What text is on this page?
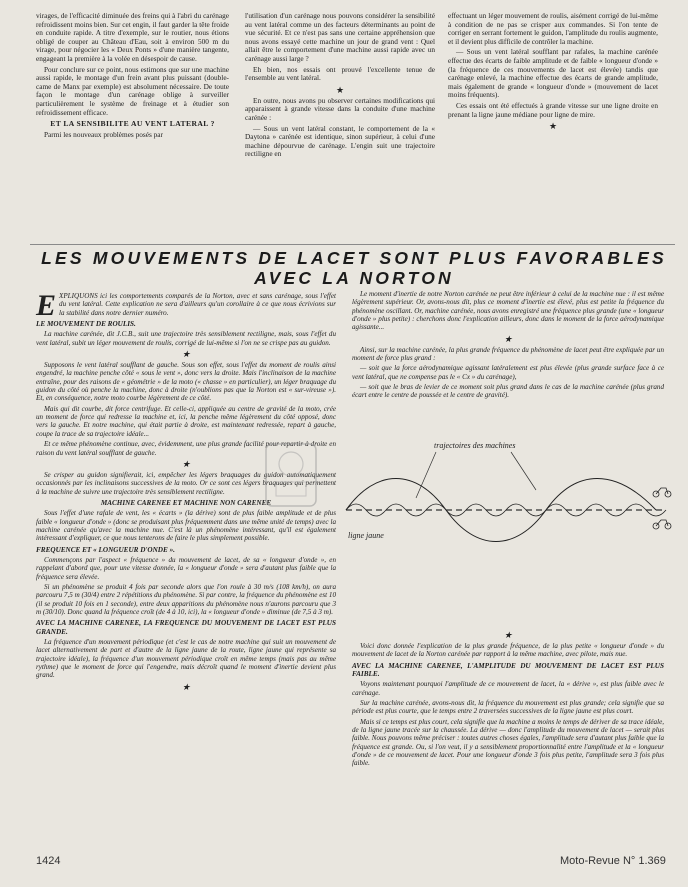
virages, de l'efficacité diminuée des freins qui à l'abri du carénage refroidissent moins bien. Sur cet engin, il faut garder la tête froide en conduite rapide. A titre d'exemple, sur le routier, nous étions obligé de couper au Château d'Eau, soit à environ 500 m du virage, pour négocier les « Deux Ponts » d'une manière tangente, engageant la première à la volée en désespoir de cause.

Pour conclure sur ce point, nous estimons que sur une machine aussi rapide, le montage d'un frein avant plus puissant (double-came de Manx par exemple) est absolument nécessaire. De toute façon le montage d'un carénage oblige à surveiller particulièrement le système de freinage et à étudier son refroidissement efficace.

ET LA SENSIBILITE AU VENT LATERAL ?

Parmi les nouveaux problèmes posés par

l'utilisation d'un carénage nous pouvons considérer la sensibilité au vent latéral comme un des facteurs déterminants au point de vue sécurité. Et ce n'est pas sans une certaine appréhension que nous avons essayé cette machine un jour de grand vent : Quel allait être le comportement d'une machine aussi rapide avec un carénage aussi large ?

Eh bien, nos essais ont prouvé l'excellente tenue de l'ensemble au vent latéral.

★

En outre, nous avons pu observer certaines modifications qui apparaissent à grande vitesse dans la conduite d'une machine carénée :

— Sous un vent latéral constant, le comportement de la « Daytona » carénée est identique, sinon supérieur, à celui d'une machine dépourvue de carénage. L'engin suit une trajectoire rectiligne en

effectuant un léger mouvement de roulis, aisément corrigé de lui-même à condition de ne pas se crisper aux commandes. Si l'on tente de corriger en serrant fortement le guidon, l'amplitude du roulis augmente, et il devient plus difficile de contrôler la machine.

— Sous un vent latéral soufflant par rafales, la machine carénée effectue des écarts de faible amplitude et de faible « longueur d'onde » (la fréquence de ces mouvements de lacet est élevée) tandis que carénage enlevé, la machine effectue des écarts de grande amplitude, mais également de grande « longueur d'onde » (mouvement de lacet moins fréquents).

Ces essais ont été effectués à grande vitesse sur une ligne droite en prenant la ligne jaune médiane pour ligne de mire.

★
LES MOUVEMENTS DE LACET SONT PLUS FAVORABLES AVEC LA NORTON

EXPLIQUONS ici les comportements comparés de la Norton, avec et sans carénage, sous l'effet du vent latéral. Cette explication ne sera d'ailleurs qu'un corollaire à ce que nous écrivions sur la stabilité dans notre dernier numéro.

LE MOUVEMENT DE ROULIS.

La machine carénée, dit J.C.B., suit une trajectoire très sensiblement rectiligne, mais, sous l'effet du vent latéral, subit un léger mouvement de roulis, corrigé de lui-même si l'on ne se crispe pas au guidon.

★

Supposons le vent latéral soufflant de gauche. Sous son effet, sous l'effet du moment de roulis ainsi engendré, la machine penche côté « sous le vent », donc vers la droite. Mais l'inclinaison de la machine entraîne, pour des raisons de « géométrie » de la moto (« chasse » en particulier), un léger braquage du guidon du côté où penche la machine, donc à droite (n'oublions pas que la Norton est « sur-vireuse »). Et, en conséquence, notre moto courbe légèrement de ce côté.

Mais qui dit courbe, dit force centrifuge. Et celle-ci, appliquée au centre de gravité de la moto, crée un moment de force qui redresse la machine et, ici, la penche même légèrement du côté opposé, donc vers la gauche. Et notre machine, qui était partie à droite, est maintenant redressée, repart à gauche, coupe la trace de sa trajectoire idéale...

Et ce même phénomène continue, avec, évidemment, une plus grande facilité pour repartir à droite en raison du vent latéral soufflant de gauche.

★

Se crisper au guidon signifierait, ici, empêcher les légers braquages du guidon automatiquement occasionnés par les inclinaisons successives de la moto. Or ce sont ces légers braquages qui permettent à la machine de suivre une trajectoire très sensiblement rectiligne.

MACHINE CARENEE ET MACHINE NON CARENEE

Sous l'effet d'une rafale de vent, les « écarts » (la dérive) sont de plus faible amplitude et de plus faible « longueur d'onde » (donc se produisant plus fréquemment dans une même unité de temps) avec la machine carénée qu'avec la machine nue. C'est là un phénomène intéressant, qu'il est également intéressant d'expliquer, ce que nous tenterons de faire le plus simplement possible.

FREQUENCE ET « LONGUEUR D'ONDE ».

Commençons par l'aspect « fréquence » du mouvement de lacet, de sa « longueur d'onde », en rappelant d'abord que, pour une vitesse donnée, la « longueur d'onde » sera d'autant plus faible que la fréquence sera élevée.

Si un phénomène se produit 4 fois par seconde alors que l'on roule à 30 m/s (108 km/h), on aura parcouru 7,5 m (30/4) entre 2 répétitions du phénomène. Si par contre, la fréquence du phénomène est 10 (il se produit 10 fois en 1 seconde), entre deux apparitions du phénomène nous n'aurons parcouru que 3 m (30/10). Donc quand la fréquence croît (de 4 à 10, ici), la « longueur d'onde » diminue (de 7,5 à 3 m).

AVEC LA MACHINE CARENEE, LA FREQUENCE DU MOUVEMENT DE LACET EST PLUS GRANDE.

La fréquence d'un mouvement périodique (et c'est le cas de notre machine qui suit un mouvement de lacet alternativement de part et d'autre de la ligne jaune de la route, ligne jaune qui représente sa trajectoire idéale), la fréquence d'un mouvement périodique croît en même temps (mais pas au même rythme) que le moment de force qui l'engendre, mais décroît quand le moment d'inertie devient plus grand.

★

Le moment d'inertie de notre Norton carénée ne peut être inférieur à celui de la machine nue : il est même légèrement supérieur. Or, avons-nous dit, plus ce moment d'inertie est élevé, plus est petite la fréquence du phénomène oscillant. Or, machine carénée, nous avons enregistré une fréquence plus grande (une « longueur d'onde » plus petite) : cherchons donc l'explication ailleurs, donc dans le moment de la force aérodynamique agissante...

★

Ainsi, sur la machine carénée, la plus grande fréquence du phénomène de lacet peut être expliquée par un moment de force plus grand :

— soit que la force aérodynamique agissant latéralement est plus élevée (plus grande surface face à ce vent latéral, que ne compense pas le « Cx » du carénage),

— soit que le bras de levier de ce moment soit plus grand dans le cas de la machine carénée (plus grand écart entre le centre de poussée et le centre de gravité).

trajectoires des machines
ligne jaune
★

Voici donc donnée l'explication de la plus grande fréquence, de la plus petite « longueur d'onde » du mouvement de lacet de la Norton carénée par rapport à la même machine, avec pilote, mais nue.

AVEC LA MACHINE CARENEE, L'AMPLITUDE DU MOUVEMENT DE LACET EST PLUS FAIBLE.

Voyons maintenant pourquoi l'amplitude de ce mouvement de lacet, la « dérive », est plus faible avec le carénage.

Sur la machine carénée, avons-nous dit, la fréquence du mouvement est plus grande; cela signifie que sa période est plus courte, que le temps entre 2 traversées successives de la ligne jaune est plus court.

Mais si ce temps est plus court, cela signifie que la machine a moins le temps de dériver de sa trace idéale, de la ligne jaune tracée sur la chaussée. La dérive — donc l'amplitude du mouvement de lacet — serait plus faible. Nous pouvons même préciser : toutes autres choses égales, l'amplitude sera d'autant plus faible que la fréquence est grande. Ou, si l'on veut, il y a sensiblement proportionnalité entre l'amplitude et la « longueur d'onde » de ce mouvement de lacet. Pour une longueur d'onde 3 fois plus petite, l'amplitude sera 3 fois plus faible.

1424	Moto-Revue N° 1.369
